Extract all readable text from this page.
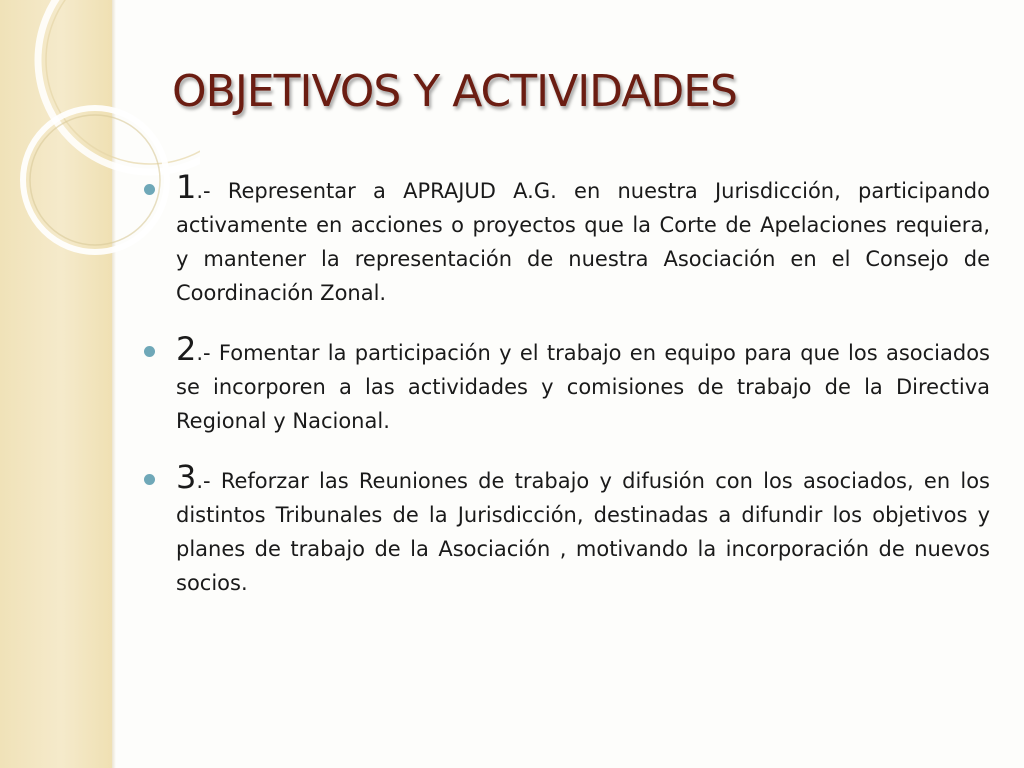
OBJETIVOS Y ACTIVIDADES
1.- Representar a APRAJUD A.G. en nuestra Jurisdicción, participando activamente en acciones o proyectos que la Corte de Apelaciones requiera, y mantener la representación de nuestra Asociación en el Consejo de Coordinación Zonal.
2.- Fomentar la participación y el trabajo en equipo para que los asociados se incorporen a las actividades y comisiones de trabajo de la Directiva Regional y Nacional.
3.- Reforzar las Reuniones de trabajo y difusión con los asociados, en los distintos Tribunales de la Jurisdicción, destinadas a difundir los objetivos y planes de trabajo de la Asociación , motivando la incorporación de nuevos socios.
